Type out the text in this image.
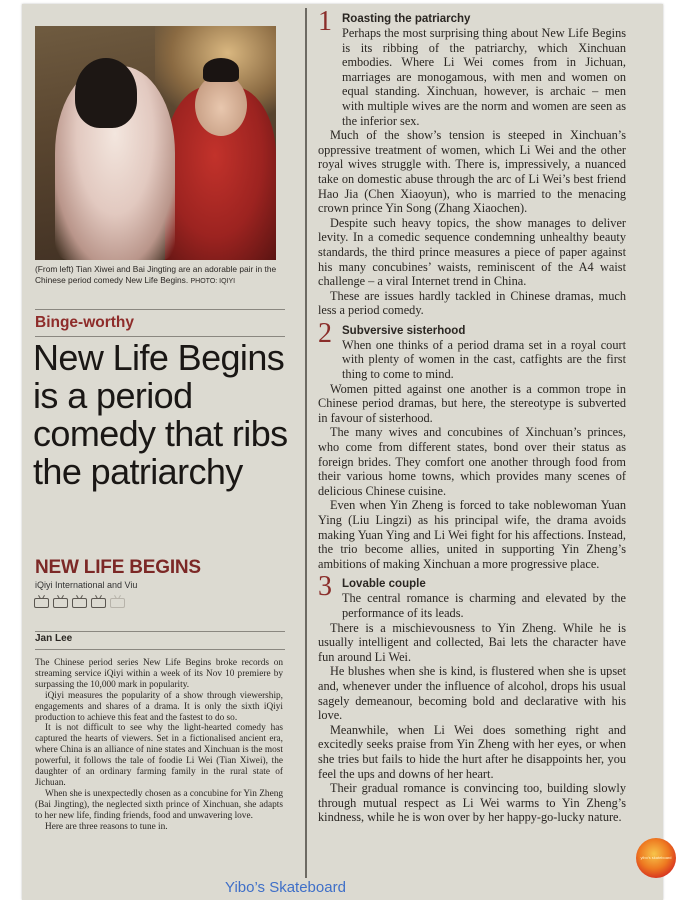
(From left) Tian Xiwei and Bai Jingting are an adorable pair in the Chinese period comedy New Life Begins. PHOTO: IQIYI
Binge-worthy
New Life Begins is a period comedy that ribs the patriarchy
NEW LIFE BEGINS
iQiyi International and Viu
Jan Lee

The Chinese period series New Life Begins broke records on streaming service iQiyi within a week of its Nov 10 premiere by surpassing the 10,000 mark in popularity.

iQiyi measures the popularity of a show through viewership, engagements and shares of a drama. It is only the sixth iQiyi production to achieve this feat and the fastest to do so.

It is not difficult to see why the light-hearted comedy has captured the hearts of viewers. Set in a fictionalised ancient era, where China is an alliance of nine states and Xinchuan is the most powerful, it follows the tale of foodie Li Wei (Tian Xiwei), the daughter of an ordinary farming family in the rural state of Jichuan.

When she is unexpectedly chosen as a concubine for Yin Zheng (Bai Jingting), the neglected sixth prince of Xinchuan, she adapts to her new life, finding friends, food and unwavering love.

Here are three reasons to tune in.

1 Roasting the patriarchy

Perhaps the most surprising thing about New Life Begins is its ribbing of the patriarchy, which Xinchuan embodies. Where Li Wei comes from in Jichuan, marriages are monogamous, with men and women on equal standing. Xinchuan, however, is archaic – men with multiple wives are the norm and women are seen as the inferior sex.

Much of the show’s tension is steeped in Xinchuan’s oppressive treatment of women, which Li Wei and the other royal wives struggle with. There is, impressively, a nuanced take on domestic abuse through the arc of Li Wei’s best friend Hao Jia (Chen Xiaoyun), who is married to the menacing crown prince Yin Song (Zhang Xiaochen).

Despite such heavy topics, the show manages to deliver levity. In a comedic sequence condemning unhealthy beauty standards, the third prince measures a piece of paper against his many concubines’ waists, reminiscent of the A4 waist challenge – a viral Internet trend in China.

These are issues hardly tackled in Chinese dramas, much less a period comedy.

2 Subversive sisterhood

When one thinks of a period drama set in a royal court with plenty of women in the cast, catfights are the first thing to come to mind.

Women pitted against one another is a common trope in Chinese period dramas, but here, the stereotype is subverted in favour of sisterhood.

The many wives and concubines of Xinchuan’s princes, who come from different states, bond over their status as foreign brides. They comfort one another through food from their various home towns, which provides many scenes of delicious Chinese cuisine.

Even when Yin Zheng is forced to take noblewoman Yuan Ying (Liu Lingzi) as his principal wife, the drama avoids making Yuan Ying and Li Wei fight for his affections. Instead, the trio become allies, united in supporting Yin Zheng’s ambitions of making Xinchuan a more progressive place.

3 Lovable couple

The central romance is charming and elevated by the performance of its leads.

There is a mischievousness to Yin Zheng. While he is usually intelligent and collected, Bai lets the character have fun around Li Wei.

He blushes when she is kind, is flustered when she is upset and, whenever under the influence of alcohol, drops his usual sagely demeanour, becoming bold and declarative with his love.

Meanwhile, when Li Wei does something right and excitedly seeks praise from Yin Zheng with her eyes, or when she tries but fails to hide the hurt after he disappoints her, you feel the ups and downs of her heart.

Their gradual romance is convincing too, building slowly through mutual respect as Li Wei warms to Yin Zheng’s kindness, while he is won over by her happy-go-lucky nature.

Yibo’s Skateboard
yibo’s skateboard
